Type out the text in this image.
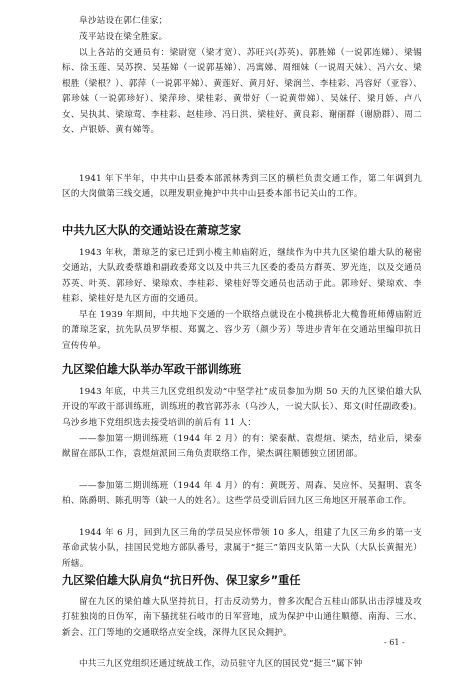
阜沙站设在郭仁佳家；

茂平站设在梁全胜家。

以上各站的交通员有：梁尉宽（梁才宽）、苏旺兴(苏英)、郭胜娣（一说郭连娣）、梁锡标、徐玉莲、吴苏揆、吴基娣（一说郭基娣）、冯寓娣、周细妹（一说周天妹）、冯六女、梁根胜（梁根？）、郭萍（一说郭平娣）、黄莲好、黄月好、梁润兰、李桂彩、冯容好（亚容）、郭珍妹（一说郭珍好）、梁萍珍、梁桂彩、黄带好（一说黄带娣）、吴妹仔、梁月娇、卢八女、吴执其、梁琼莺、李桂彩、赵桂珍、冯日洪、梁桂好、黄良彩、谢丽群（谢励群）、周二女、卢银娇、黄有娣等。

1941 年下半年，中共中山县委本部派林秀到三区的横栏负责交通工作，第二年调到九区的大岗做第三线交通，以理发职业掩护中共中山县委本部书记关山的工作。

中共九区大队的交通站设在萧琼芝家

1943 年秋，萧琼芝的家已迁到小榄主帅庙附近，继续作为中共九区梁伯雄大队的秘密交通站，大队政委蔡雄和副政委郑文以及中共三九区委的委员方群英、罗光连，以及交通员苏英、叶英、郭珍好、梁琼欢、李桂彩、梁桂好等交通员也活动于此。郭珍好、梁琼欢、李桂彩、梁桂好是九区方面的交通员。

早在 1939 年期间，中共地下交通的一个联络点就设在小榄拱桥北大榄鲁班师傅庙附近的萧琼芝家，抗先队员罗华根、郑翼之、容少芳（颜少芳）等进步青年在交通站里编印抗日宣传传单。

九区梁伯雄大队举办军政干部训练班

1943 年底，中共三九区党组织发动“中坚学社”成员参加为期 50 天的九区梁伯雄大队开设的军政干部训练班，训练班的教官郭苏永（乌沙人，一说大队长）、郑文(时任副政委)。乌沙乡地下党组织选去接受培训的前后有 11 人：

——参加第一期训练班（1944 年 2 月）的有：梁泰猷、袁煜煊、梁杰，结业后，梁泰猷留在部队工作，袁煜煊派回三角负责联络工作，梁杰调往顺德独立团团部。

——参加第二期训练班（1944 年 4 月）的有：黄既芳、周森、吴应怀、吴掘明、袁冬柏、陈爵明、陈孔明等（缺一人的姓名）。这些学员受训后回九区三角地区开展革命工作。

1944 年 6 月，回到九区三角的学员吴应怀带领 10 多人，组建了九区三角乡的第一支革命武装小队，挂国民党地方部队番号，隶属于“挺三”第四支队第一大队（大队长黄掘光）所辖。

九区梁伯雄大队肩负“抗日歼伪、保卫家乡”重任

留在九区的梁伯雄大队坚持抗日，打击反动势力，曾多次配合五桂山部队出击浮墟及攻打驻独岗的日伪军，南下骚扰驻石岐市的日军营地，成为保护中山通往顺德、南海、三水、新会、江门等地的交通联络点安全线，深得九区民众拥护。

中共三九区党组织还通过统战工作，动员驻守九区的国民党“挺三”属下钟

- 61 -
